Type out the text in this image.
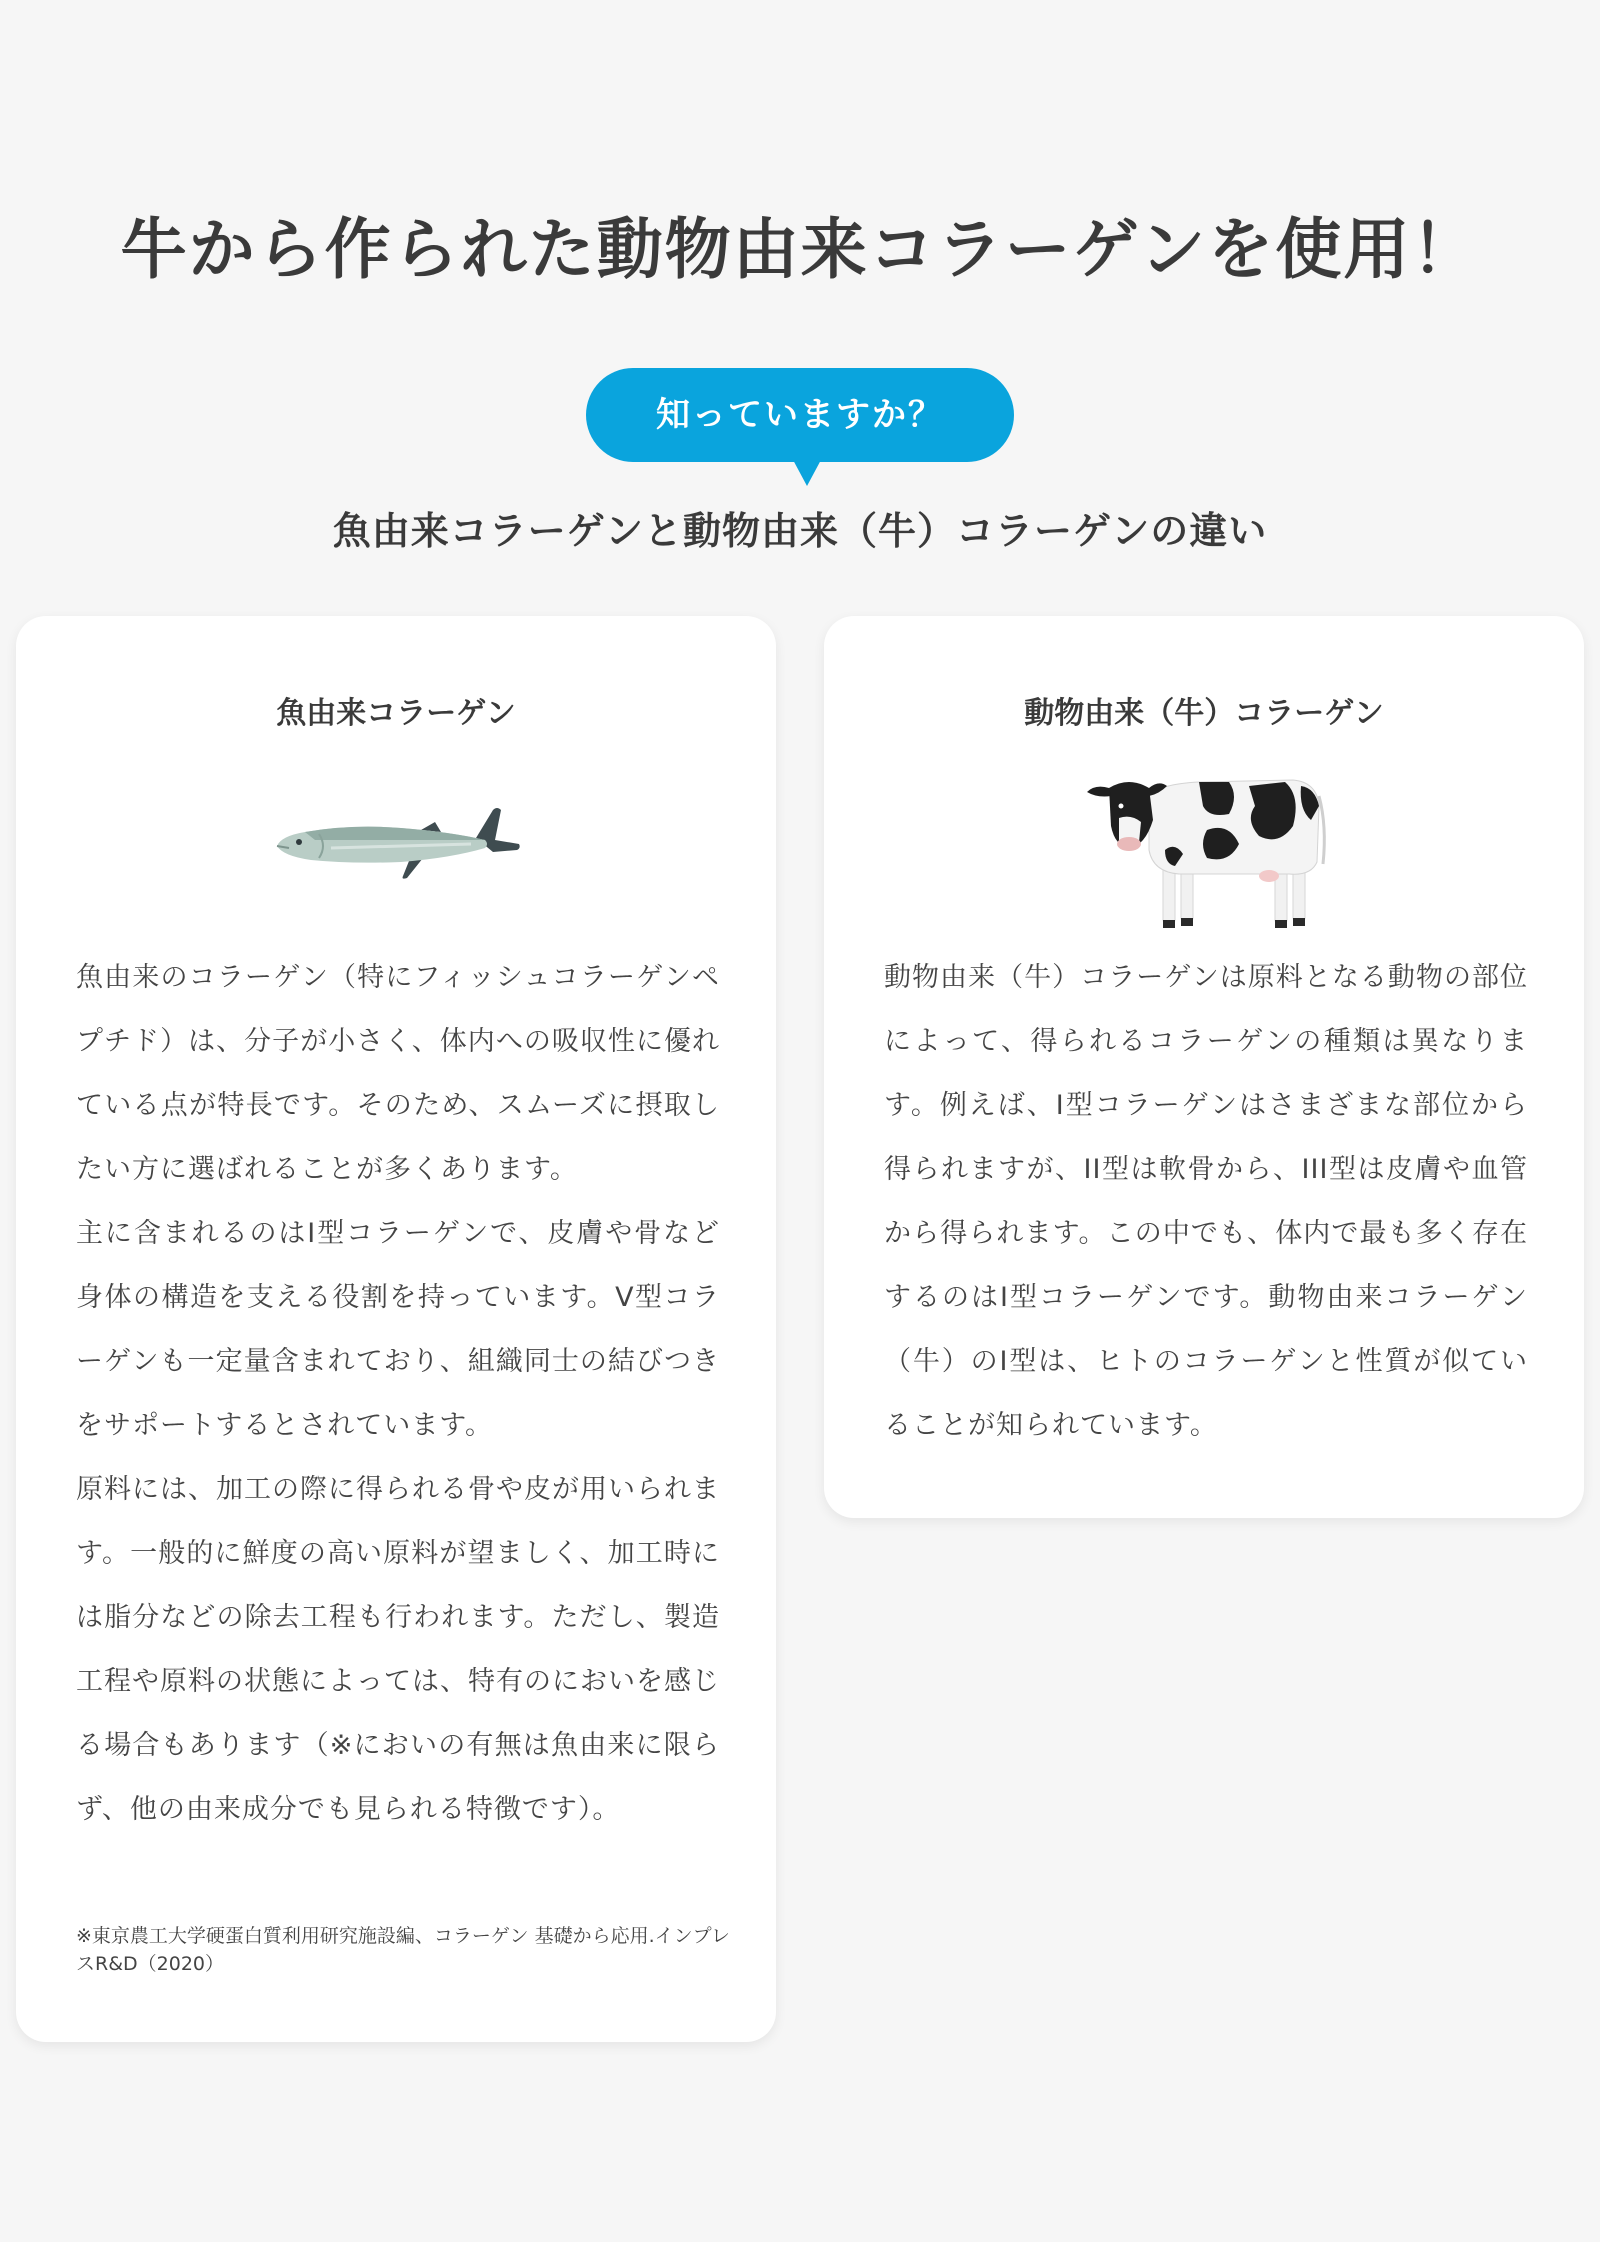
牛から作られた動物由来コラーゲンを使用！
知っていますか？
魚由来コラーゲンと動物由来（牛）コラーゲンの違い
魚由来コラーゲン

魚由来のコラーゲン（特にフィッシュコラーゲンペプチド）は、分子が小さく、体内への吸収性に優れている点が特長です。そのため、スムーズに摂取したい方に選ばれることが多くあります。

主に含まれるのはI型コラーゲンで、皮膚や骨など身体の構造を支える役割を持っています。V型コラーゲンも一定量含まれており、組織同士の結びつきをサポートするとされています。

原料には、加工の際に得られる骨や皮が用いられます。一般的に鮮度の高い原料が望ましく、加工時には脂分などの除去工程も行われます。ただし、製造工程や原料の状態によっては、特有のにおいを感じる場合もあります（※においの有無は魚由来に限らず、他の由来成分でも見られる特徴です）。

※東京農工大学硬蛋白質利用研究施設編、コラーゲン 基礎から応用.インプレスR&D（2020）
動物由来（牛）コラーゲン

動物由来（牛）コラーゲンは原料となる動物の部位によって、得られるコラーゲンの種類は異なります。例えば、I型コラーゲンはさまざまな部位から得られますが、II型は軟骨から、III型は皮膚や血管から得られます。この中でも、体内で最も多く存在するのはI型コラーゲンです。動物由来コラーゲン（牛）のI型は、ヒトのコラーゲンと性質が似ていることが知られています。
